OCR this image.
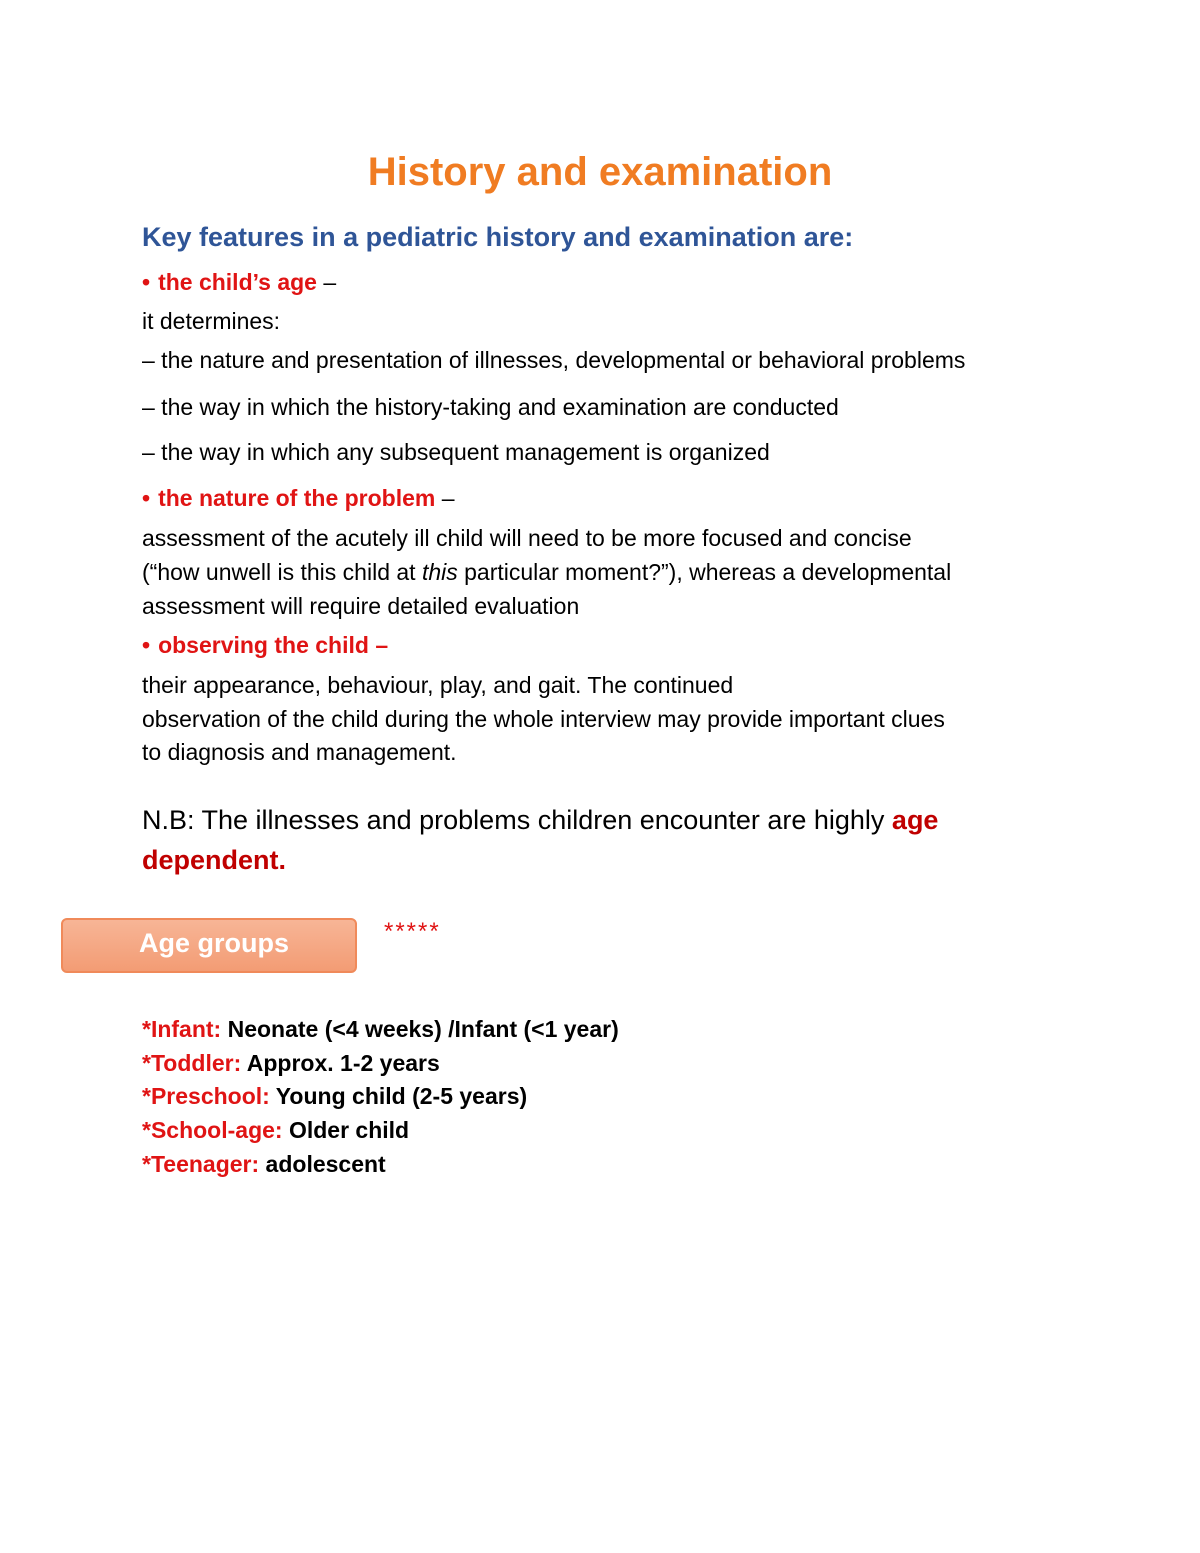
History and examination
Key features in a pediatric history and examination are:

• the child’s age –

it determines:

– the nature and presentation of illnesses, developmental or behavioral problems

– the way in which the history-taking and examination are conducted

– the way in which any subsequent management is organized

• the nature of the problem –

assessment of the acutely ill child will need to be more focused and concise

(“how unwell is this child at this particular moment?”), whereas a developmental

assessment will require detailed evaluation

• observing the child –

their appearance, behaviour, play, and gait. The continued

observation of the child during the whole interview may provide important clues

to diagnosis and management.

N.B: The illnesses and problems children encounter are highly age
dependent.

Age groups	*****
*Infant: Neonate (<4 weeks) /Infant (<1 year)
*Toddler: Approx. 1-2 years
*Preschool: Young child (2-5 years)
*School-age: Older child
*Teenager: adolescent
